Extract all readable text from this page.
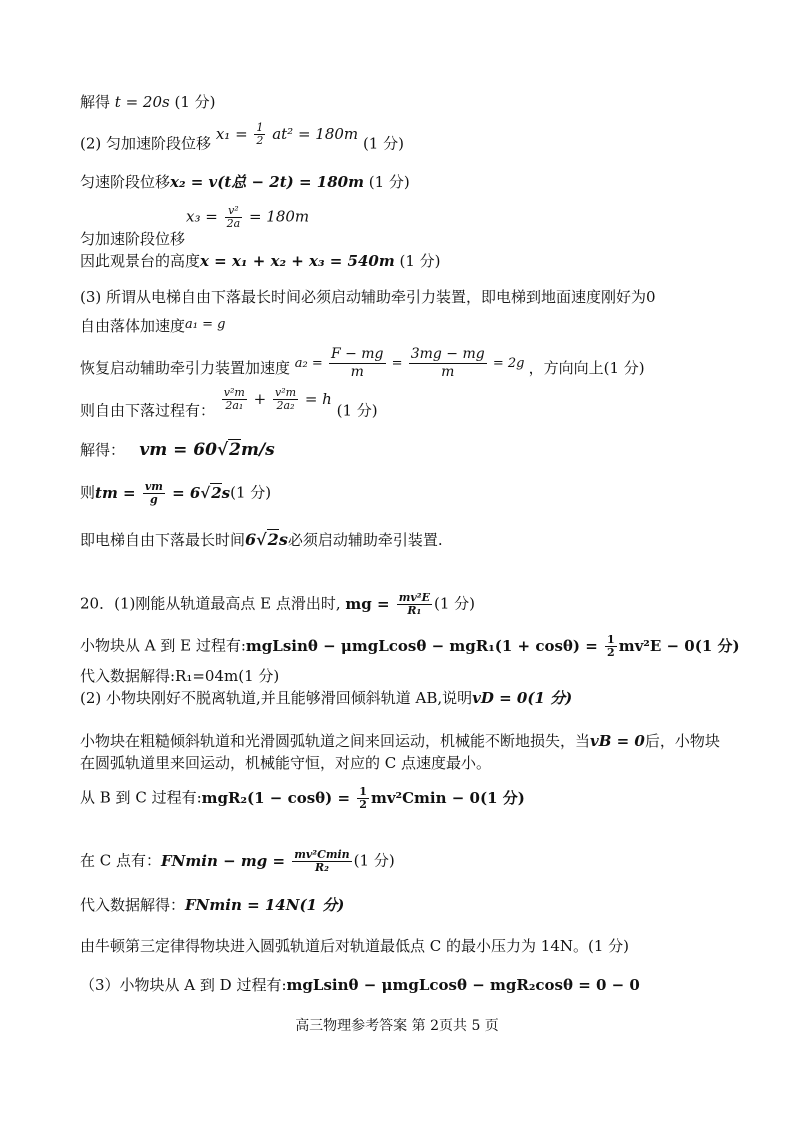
解得 t = 20s (1 分)
(2) 匀加速阶段位移 $x_1 = \frac{1}{2} at^2 = 180m$ (1 分)
匀速阶段位移x₂ = v(t总 − 2t) = 180m (1 分)
$x_3 = \frac{\text{v²}}{2a} = 180m$
匀加速阶段位移
因此观景台的高度x = x₁ + x₂ + x₃ = 540m (1 分)
(3) 所谓从电梯自由下落最长时间必须启动辅助牵引力装置，即电梯到地面速度刚好为0
自由落体加速度a₁ = g
恢复启动辅助牵引力装置加速度 $a_2 = \frac{F - mg}{m} = \frac{3mg - mg}{m} = 2g$ ，方向向上(1 分)
则自由下落过程有： $\frac{\text{v²m}}{\text{2a₁}} + \frac{\text{v²m}}{\text{2a₂}} = h$ (1 分)
解得： vm = 60√2m/s
则tm = $\frac{vm}{g} = 6√2s(1$ 分)
即电梯自由下落最长时间6√2s必须启动辅助牵引装置.
20．(1)刚能从轨道最高点 E 点滑出时, mg = $\frac{\text{mv²E}}{\text{R₁}} (1$ 分)
小物块从 A 到 E 过程有:mgLsinθ − $\mu mgLcos\theta - mgR_1(1 + \cos\theta) = \frac{1}{2} mv^2E - 0(1$ 分)
代入数据解得:R₁=04m(1 分)
(2) 小物块刚好不脱离轨道,并且能够滑回倾斜轨道 AB,说明vD = 0(1 分)
小物块在粗糙倾斜轨道和光滑圆弧轨道之间来回运动，机械能不断地损失，当vB = 0后，小物块
在圆弧轨道里来回运动，机械能守恒，对应的 C 点速度最小。
从 B 到 C 过程有:mgR₂(1 − $\cos\theta) = \frac{1}{2} mv^2Cmin - 0(1$ 分)
在 C 点有：FNmin − mg = $\frac{\text{mv²Cmin}}{\text{R₂}} (1$ 分)
代入数据解得：FNmin = 14N(1 分)
由牛顿第三定律得物块进入圆弧轨道后对轨道最低点 C 的最小压力为 14N。(1 分)
（3）小物块从 A 到 D 过程有:mgLsinθ − μmgLcosθ − mgR₂cosθ = 0 − 0
高三物理参考答案 第 2页共 5 页
